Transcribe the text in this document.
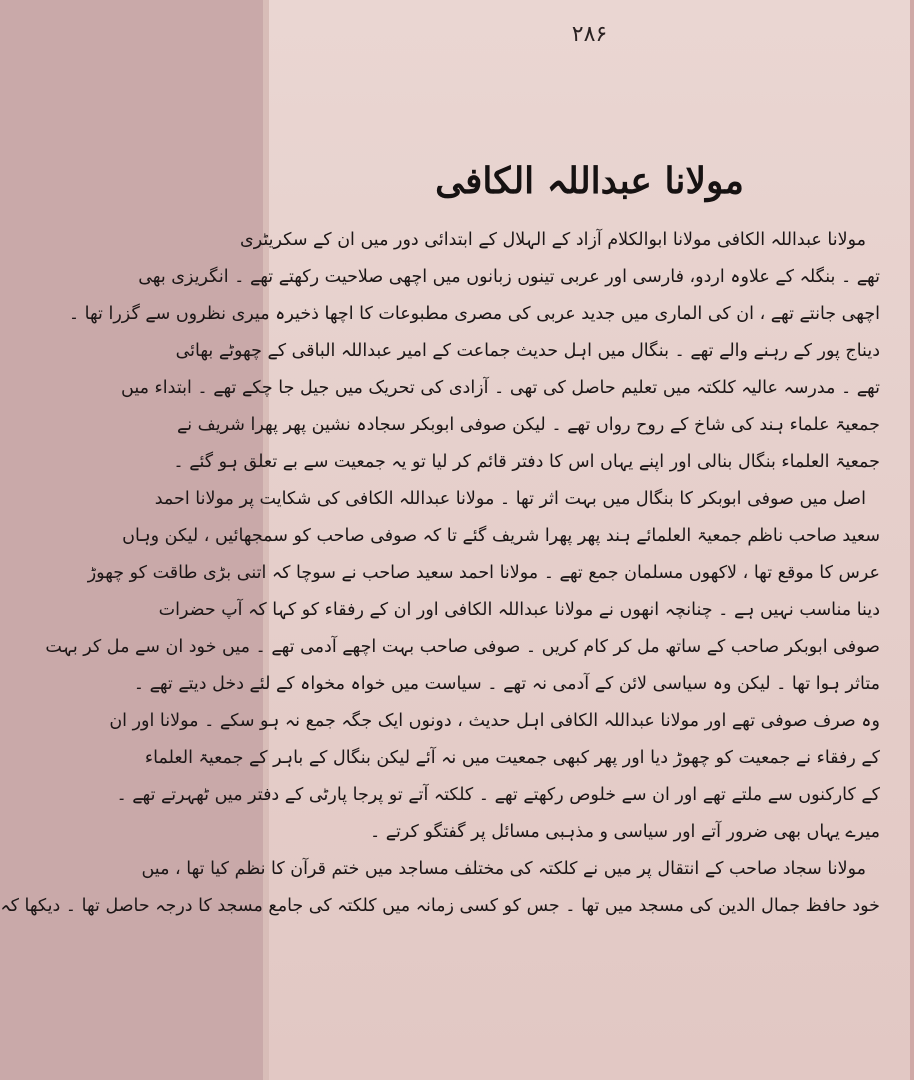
۲۸۶
مولانا عبداللہ الکافی
مولانا عبداللہ الکافی مولانا ابوالکلام آزاد کے الہلال کے ابتدائی دور میں ان کے سکریٹری
تھے ۔ بنگلہ کے علاوہ اردو، فارسی اور عربی تینوں زبانوں میں اچھی صلاحیت رکھتے تھے ۔ انگریزی بھی
اچھی جانتے تھے ، ان کی الماری میں جدید عربی کی مصری مطبوعات کا اچھا ذخیرہ میری نظروں سے گزرا تھا ۔
دیناج پور کے رہنے والے تھے ۔ بنگال میں اہل حدیث جماعت کے امیر عبداللہ الباقی کے چھوٹے بھائی
تھے ۔ مدرسہ عالیہ کلکتہ میں تعلیم حاصل کی تھی ۔ آزادی کی تحریک میں جیل جا چکے تھے ۔ ابتداء میں
جمعیۃ علماء ہند کی شاخ کے روح رواں تھے ۔ لیکن صوفی ابوبکر سجادہ نشین پھر پھرا شریف نے
جمعیۃ العلماء بنگال بنالی اور اپنے یہاں اس کا دفتر قائم کر لیا تو یہ جمعیت سے بے تعلق ہو گئے ۔
اصل میں صوفی ابوبکر کا بنگال میں بہت اثر تھا ۔ مولانا عبداللہ الکافی کی شکایت پر مولانا احمد
سعید صاحب ناظم جمعیۃ العلمائے ہند پھر پھرا شریف گئے تا کہ صوفی صاحب کو سمجھائیں ، لیکن وہاں
عرس کا موقع تھا ، لاکھوں مسلمان جمع تھے ۔ مولانا احمد سعید صاحب نے سوچا کہ اتنی بڑی طاقت کو چھوڑ
دینا مناسب نہیں ہے ۔ چنانچہ انھوں نے مولانا عبداللہ الکافی اور ان کے رفقاء کو کہا کہ آپ حضرات
صوفی ابوبکر صاحب کے ساتھ مل کر کام کریں ۔ صوفی صاحب بہت اچھے آدمی تھے ۔ میں خود ان سے مل کر بہت
متاثر ہوا تھا ۔ لیکن وہ سیاسی لائن کے آدمی نہ تھے ۔ سیاست میں خواہ مخواہ کے لئے دخل دیتے تھے ۔
وہ صرف صوفی تھے اور مولانا عبداللہ الکافی اہل حدیث ، دونوں ایک جگہ جمع نہ ہو سکے ۔ مولانا اور ان
کے رفقاء نے جمعیت کو چھوڑ دیا اور پھر کبھی جمعیت میں نہ آئے لیکن بنگال کے باہر کے جمعیۃ العلماء
کے کارکنوں سے ملتے تھے اور ان سے خلوص رکھتے تھے ۔ کلکتہ آتے تو پرجا پارٹی کے دفتر میں ٹھہرتے تھے ۔
میرے یہاں بھی ضرور آتے اور سیاسی و مذہبی مسائل پر گفتگو کرتے ۔
مولانا سجاد صاحب کے انتقال پر میں نے کلکتہ کی مختلف مساجد میں ختم قرآن کا نظم کیا تھا ، میں
خود حافظ جمال الدین کی مسجد میں تھا ۔ جس کو کسی زمانہ میں کلکتہ کی جامع مسجد کا درجہ حاصل تھا ۔ دیکھا کہ
